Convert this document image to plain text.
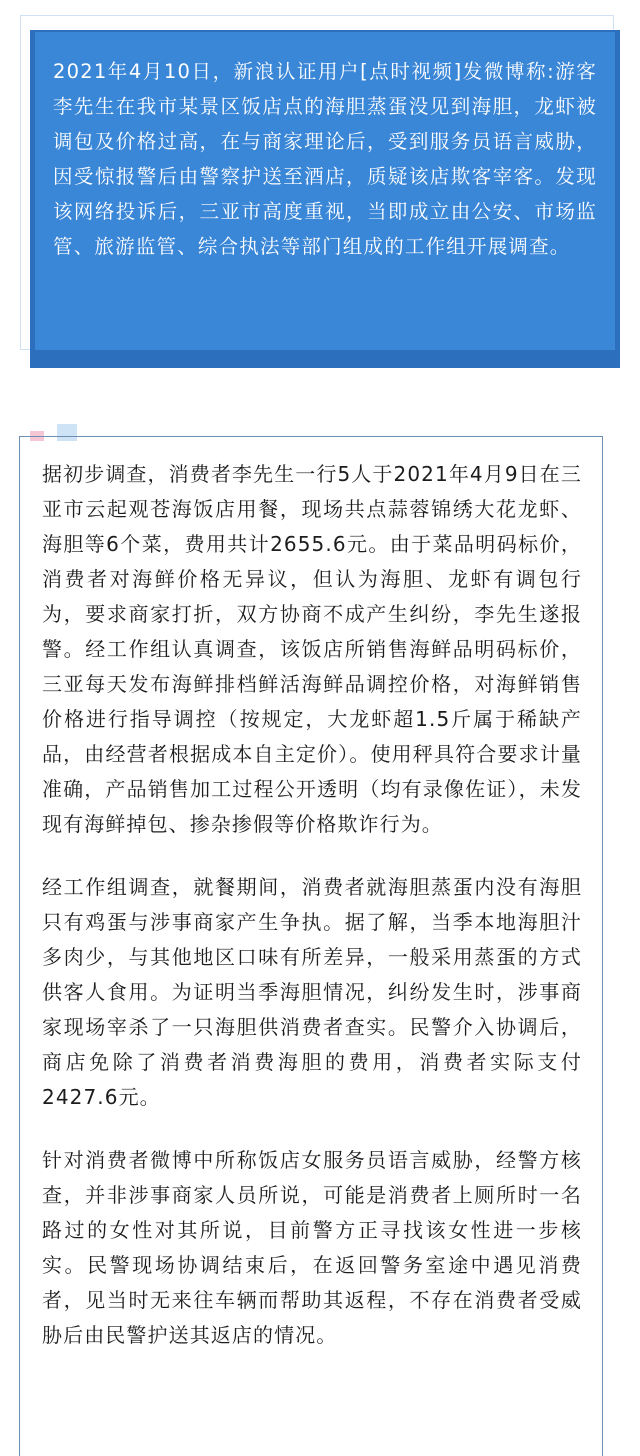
2021年4月10日，新浪认证用户[点时视频]发微博称:游客李先生在我市某景区饭店点的海胆蒸蛋没见到海胆，龙虾被调包及价格过高，在与商家理论后，受到服务员语言威胁，因受惊报警后由警察护送至酒店，质疑该店欺客宰客。发现该网络投诉后，三亚市高度重视，当即成立由公安、市场监管、旅游监管、综合执法等部门组成的工作组开展调查。

据初步调查，消费者李先生一行5人于2021年4月9日在三亚市云起观苍海饭店用餐，现场共点蒜蓉锦绣大花龙虾、海胆等6个菜，费用共计2655.6元。由于菜品明码标价，消费者对海鲜价格无异议，但认为海胆、龙虾有调包行为，要求商家打折，双方协商不成产生纠纷，李先生遂报警。经工作组认真调查，该饭店所销售海鲜品明码标价，三亚每天发布海鲜排档鲜活海鲜品调控价格，对海鲜销售价格进行指导调控（按规定，大龙虾超1.5斤属于稀缺产品，由经营者根据成本自主定价）。使用秤具符合要求计量准确，产品销售加工过程公开透明（均有录像佐证），未发现有海鲜掉包、掺杂掺假等价格欺诈行为。

经工作组调查，就餐期间，消费者就海胆蒸蛋内没有海胆只有鸡蛋与涉事商家产生争执。据了解，当季本地海胆汁多肉少，与其他地区口味有所差异，一般采用蒸蛋的方式供客人食用。为证明当季海胆情况，纠纷发生时，涉事商家现场宰杀了一只海胆供消费者查实。民警介入协调后，商店免除了消费者消费海胆的费用，消费者实际支付2427.6元。

针对消费者微博中所称饭店女服务员语言威胁，经警方核查，并非涉事商家人员所说，可能是消费者上厕所时一名路过的女性对其所说，目前警方正寻找该女性进一步核实。民警现场协调结束后，在返回警务室途中遇见消费者，见当时无来往车辆而帮助其返程，不存在消费者受威胁后由民警护送其返店的情况。
